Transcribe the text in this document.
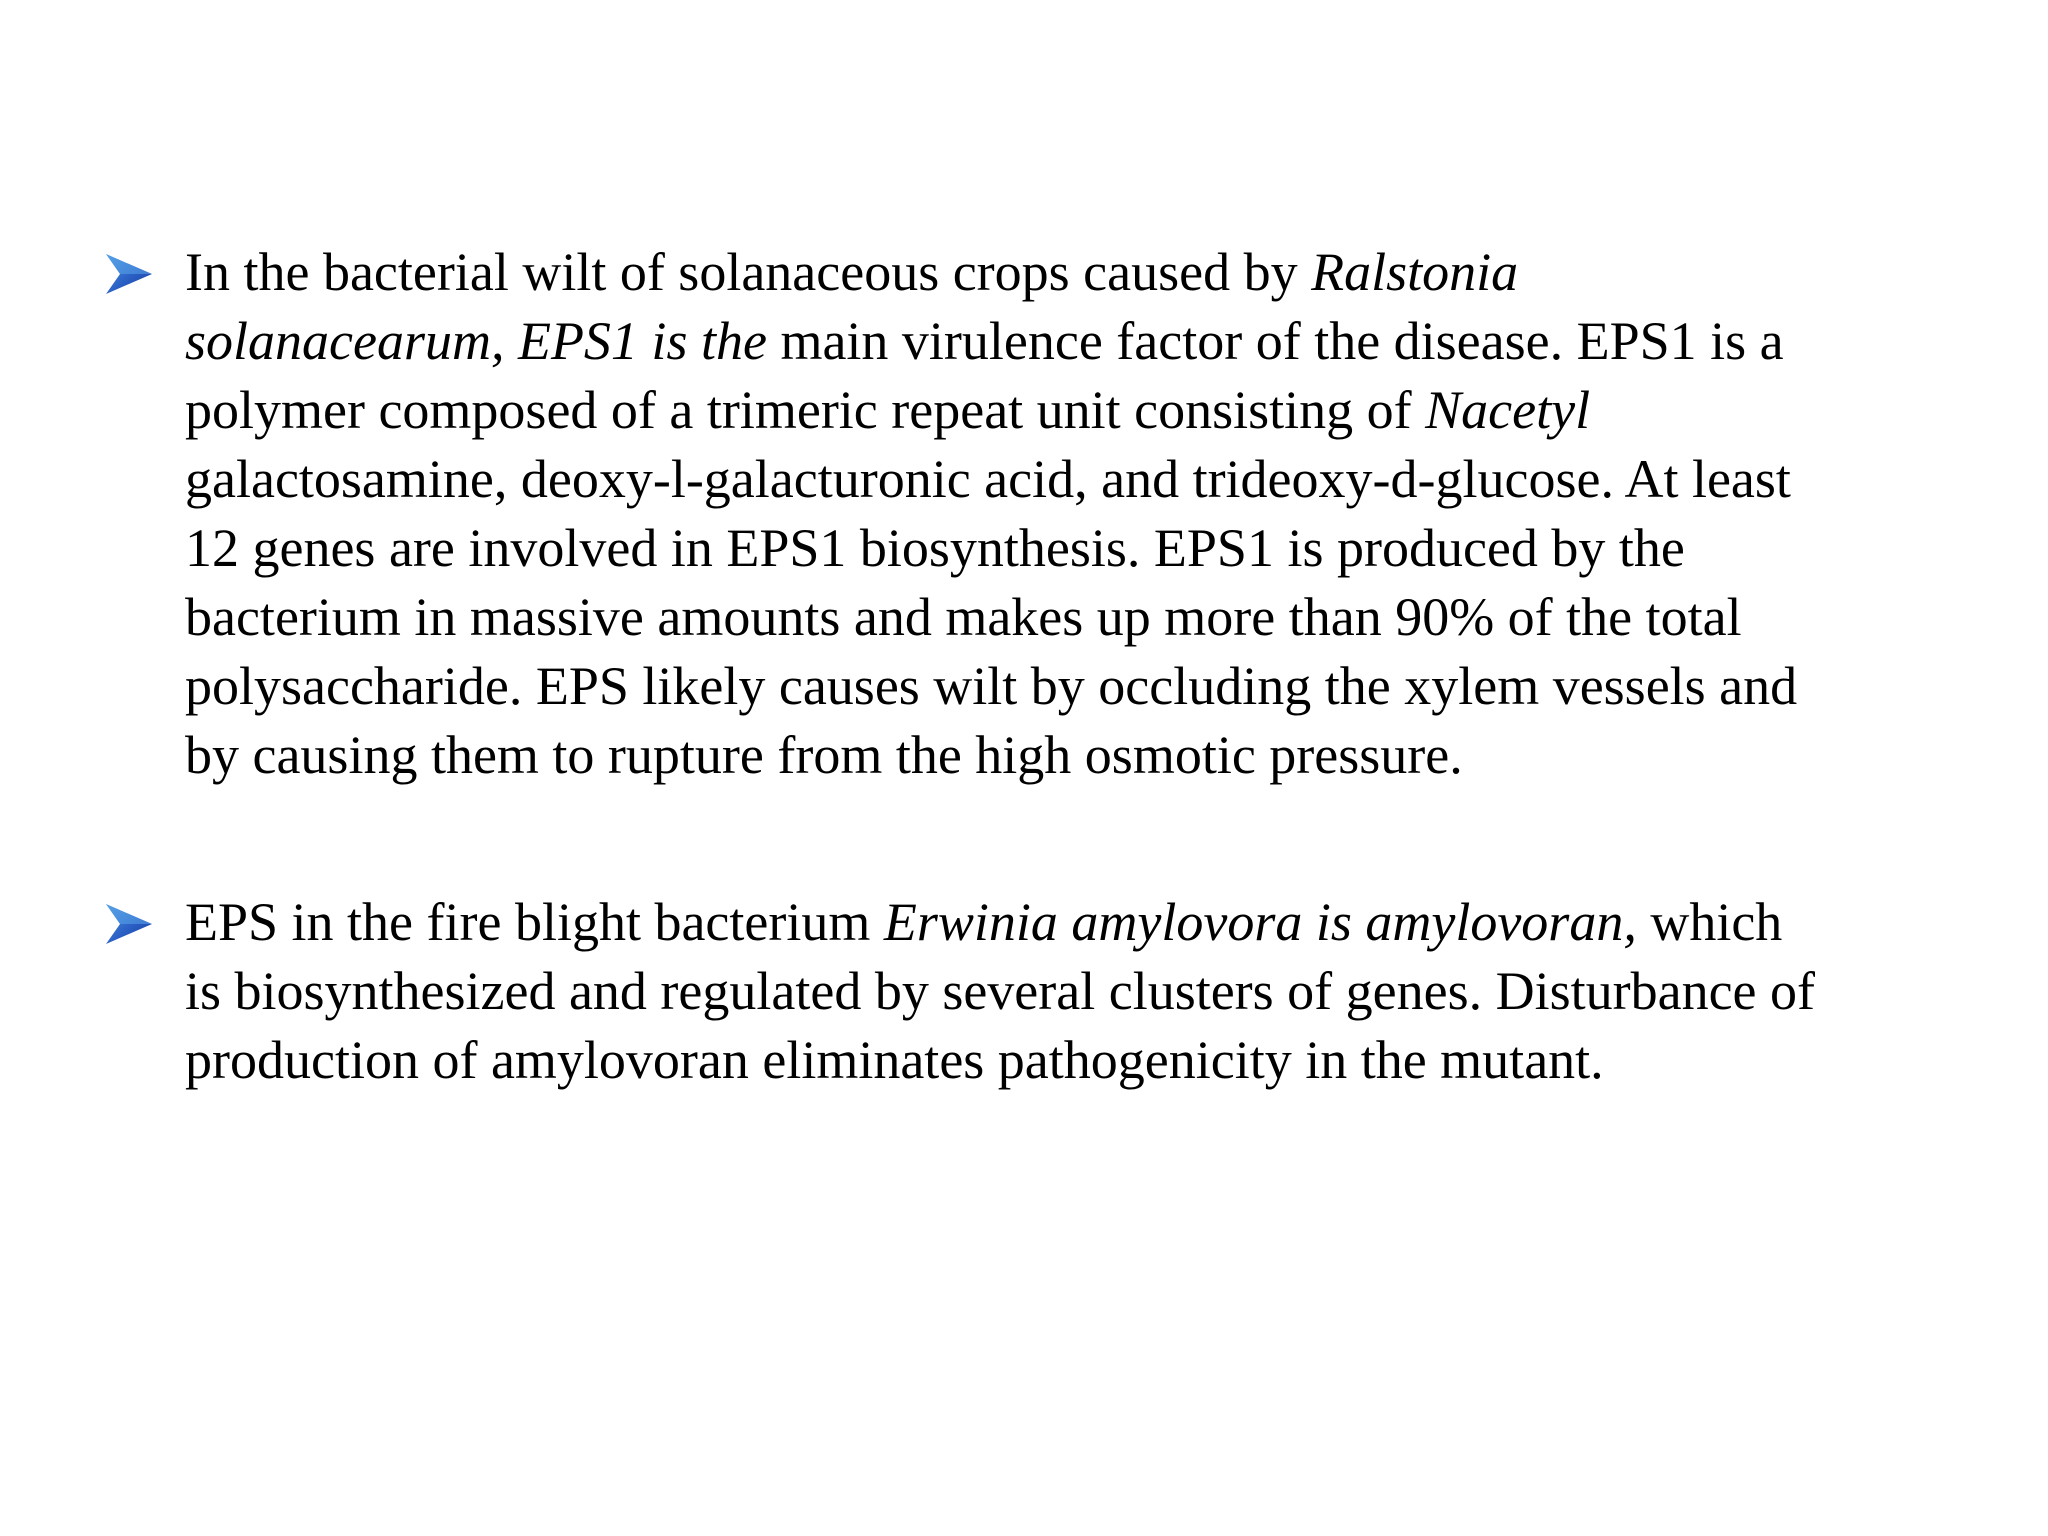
In the bacterial wilt of solanaceous crops caused by Ralstonia
solanacearum, EPS1 is the main virulence factor of the disease. EPS1 is a
polymer composed of a trimeric repeat unit consisting of Nacetyl
galactosamine, deoxy-l-galacturonic acid, and trideoxy-d-glucose. At least
12 genes are involved in EPS1 biosynthesis. EPS1 is produced by the
bacterium in massive amounts and makes up more than 90% of the total
polysaccharide. EPS likely causes wilt by occluding the xylem vessels and
by causing them to rupture from the high osmotic pressure.
EPS in the fire blight bacterium Erwinia amylovora is amylovoran, which
is biosynthesized and regulated by several clusters of genes. Disturbance of
production of amylovoran eliminates pathogenicity in the mutant.
